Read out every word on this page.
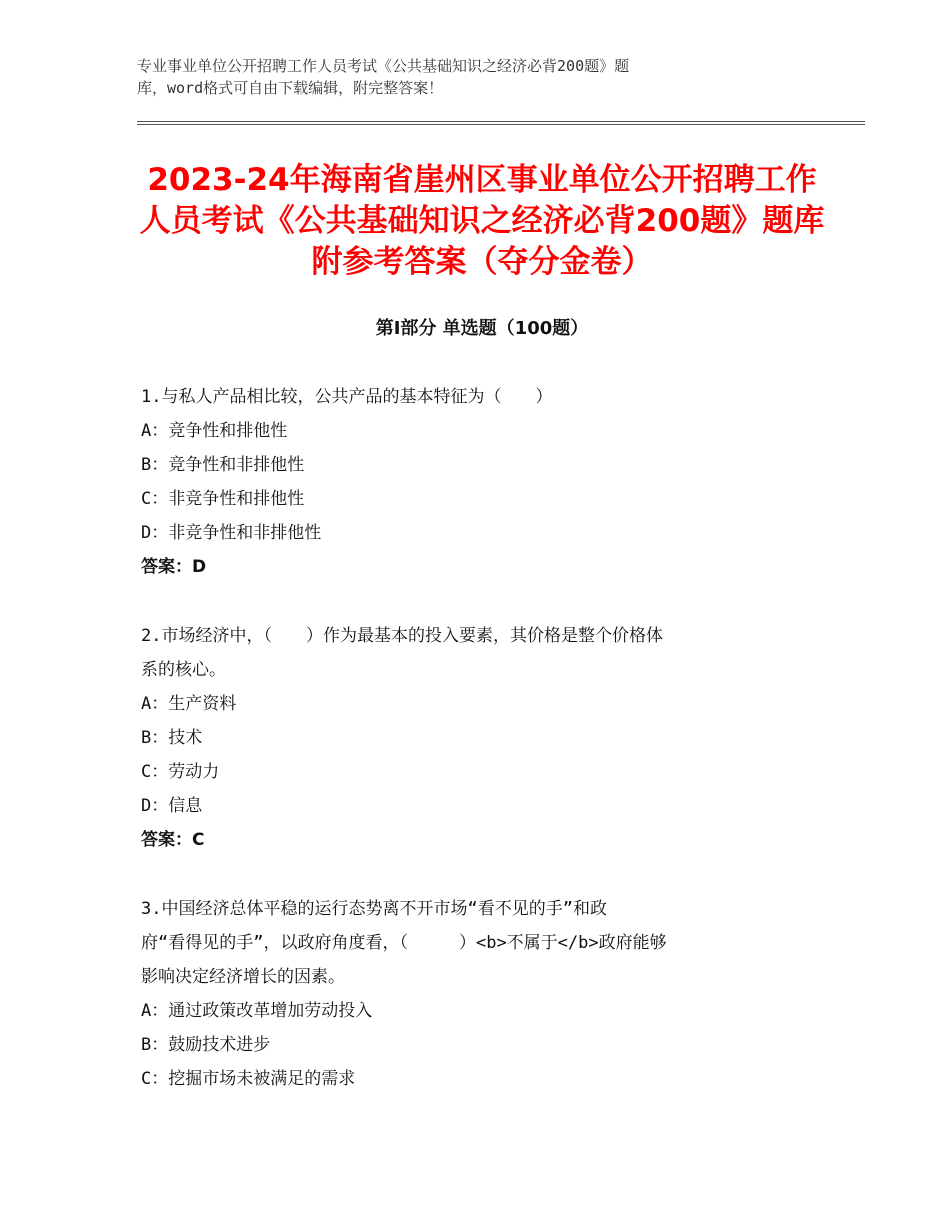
专业事业单位公开招聘工作人员考试《公共基础知识之经济必背200题》题
库，word格式可自由下载编辑，附完整答案！
2023-24年海南省崖州区事业单位公开招聘工作人员考试《公共基础知识之经济必背200题》题库附参考答案（夺分金卷）
第Ⅰ部分 单选题（100题）
1.与私人产品相比较，公共产品的基本特征为（　　）
A：竞争性和排他性
B：竞争性和非排他性
C：非竞争性和排他性
D：非竞争性和非排他性
答案：D
2.市场经济中，（　　）作为最基本的投入要素，其价格是整个价格体
系的核心。
A：生产资料
B：技术
C：劳动力
D：信息
答案：C
3.中国经济总体平稳的运行态势离不开市场“看不见的手”和政
府“看得见的手”，以政府角度看，（　　　）<b>不属于</b>政府能够
影响决定经济增长的因素。
A：通过政策改革增加劳动投入
B：鼓励技术进步
C：挖掘市场未被满足的需求
